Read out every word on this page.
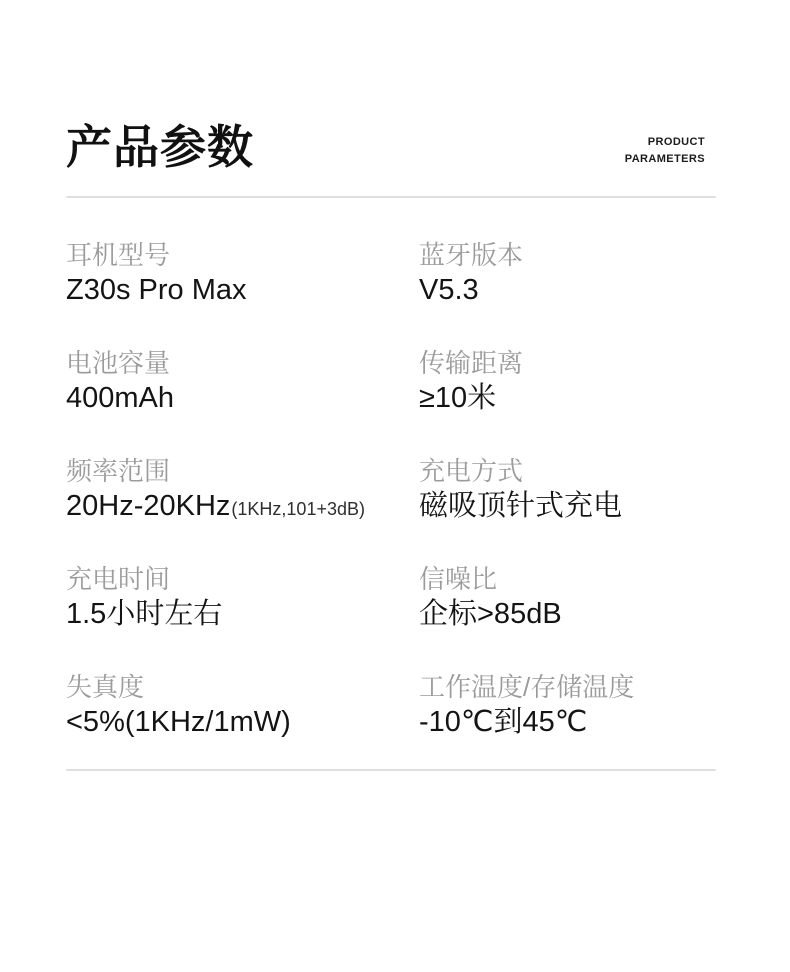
产品参数	PRODUCT
PARAMETERS
耳机型号
Z30s Pro Max
蓝牙版本
V5.3
电池容量
400mAh
传输距离
≥10米
频率范围
20Hz-20KHz(1KHz,101+3dB)
充电方式
磁吸顶针式充电
充电时间
1.5小时左右
信噪比
企标>85dB
失真度
<5%(1KHz/1mW)
工作温度/存储温度
-10℃到45℃
